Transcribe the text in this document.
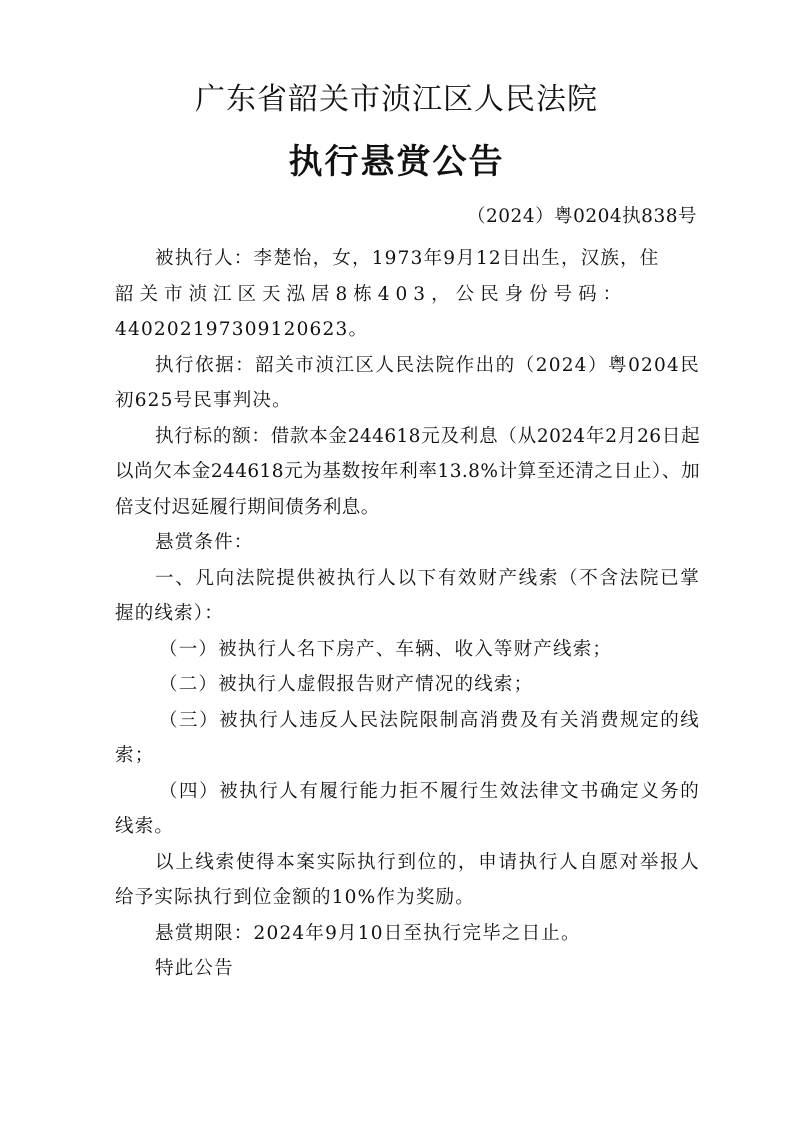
广东省韶关市浈江区人民法院
执行悬赏公告
（2024）粤0204执838号

被执行人：李楚怡，女，1973年9月12日出生，汉族，住

韶关市浈江区天泓居8栋403，公民身份号码：

440202197309120623。

执行依据：韶关市浈江区人民法院作出的（2024）粤0204民初625号民事判决。

执行标的额：借款本金244618元及利息（从2024年2月26日起以尚欠本金244618元为基数按年利率13.8%计算至还清之日止）、加倍支付迟延履行期间债务利息。

悬赏条件：

一、凡向法院提供被执行人以下有效财产线索（不含法院已掌握的线索）：

（一）被执行人名下房产、车辆、收入等财产线索；

（二）被执行人虚假报告财产情况的线索；

（三）被执行人违反人民法院限制高消费及有关消费规定的线索；

（四）被执行人有履行能力拒不履行生效法律文书确定义务的线索。

以上线索使得本案实际执行到位的，申请执行人自愿对举报人给予实际执行到位金额的10%作为奖励。

悬赏期限：2024年9月10日至执行完毕之日止。

特此公告
